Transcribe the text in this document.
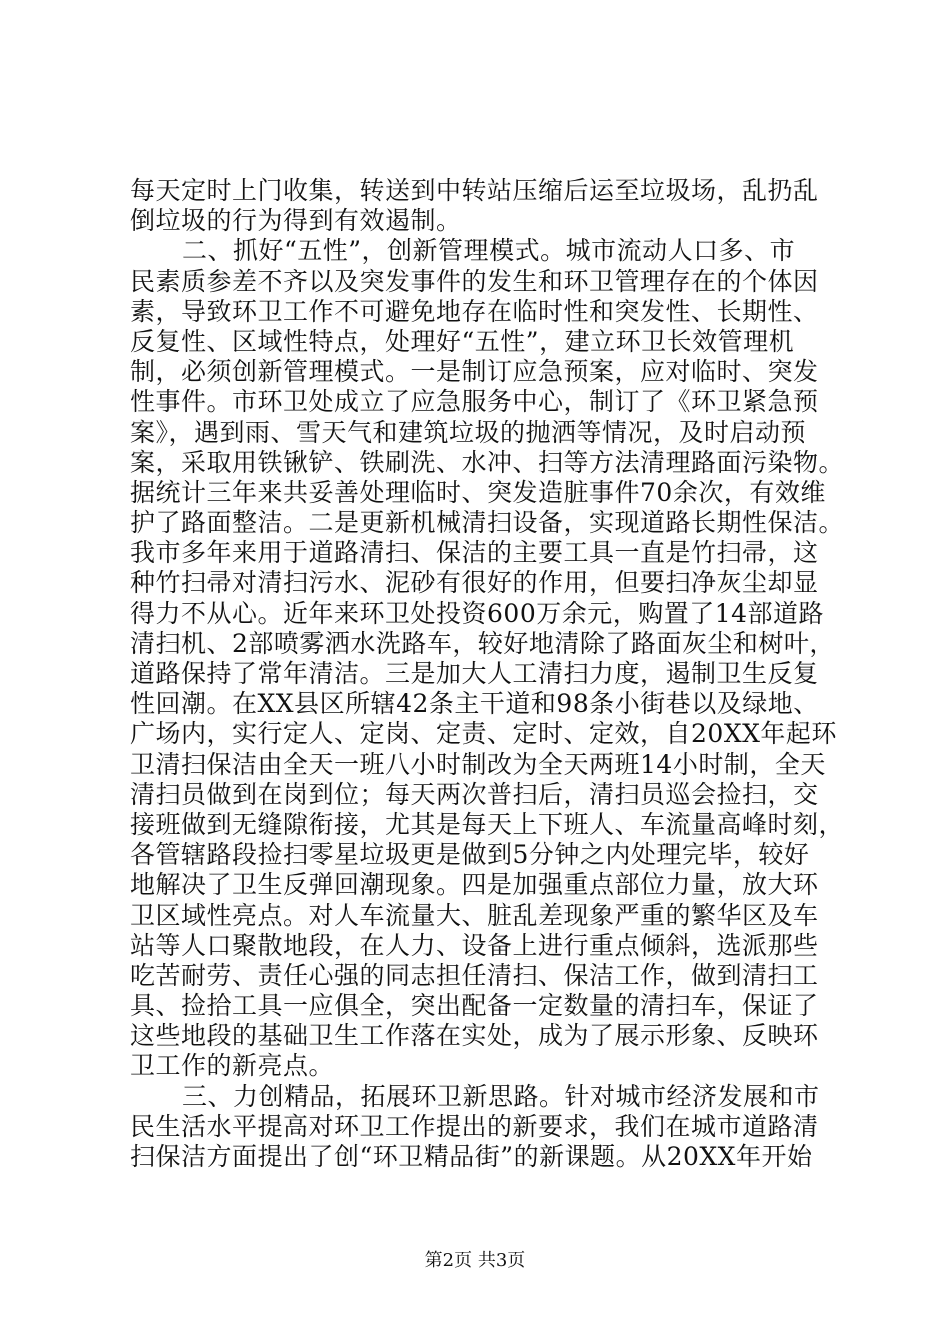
每天定时上门收集，转送到中转站压缩后运至垃圾场，乱扔乱
倒垃圾的行为得到有效遏制。
二、抓好“五性”，创新管理模式。城市流动人口多、市
民素质参差不齐以及突发事件的发生和环卫管理存在的个体因
素，导致环卫工作不可避免地存在临时性和突发性、长期性、
反复性、区域性特点，处理好“五性”，建立环卫长效管理机
制，必须创新管理模式。一是制订应急预案，应对临时、突发
性事件。市环卫处成立了应急服务中心，制订了《环卫紧急预
案》，遇到雨、雪天气和建筑垃圾的抛洒等情况，及时启动预
案，采取用铁锹铲、铁刷洗、水冲、扫等方法清理路面污染物。
据统计三年来共妥善处理临时、突发造脏事件70余次，有效维
护了路面整洁。二是更新机械清扫设备，实现道路长期性保洁。
我市多年来用于道路清扫、保洁的主要工具一直是竹扫帚，这
种竹扫帚对清扫污水、泥砂有很好的作用，但要扫净灰尘却显
得力不从心。近年来环卫处投资600万余元，购置了14部道路
清扫机、2部喷雾洒水洗路车，较好地清除了路面灰尘和树叶，
道路保持了常年清洁。三是加大人工清扫力度，遏制卫生反复
性回潮。在XX县区所辖42条主干道和98条小街巷以及绿地、
广场内，实行定人、定岗、定责、定时、定效，自20XX年起环
卫清扫保洁由全天一班八小时制改为全天两班14小时制，全天
清扫员做到在岗到位；每天两次普扫后，清扫员巡会捡扫，交
接班做到无缝隙衔接，尤其是每天上下班人、车流量高峰时刻，
各管辖路段捡扫零星垃圾更是做到5分钟之内处理完毕，较好
地解决了卫生反弹回潮现象。四是加强重点部位力量，放大环
卫区域性亮点。对人车流量大、脏乱差现象严重的繁华区及车
站等人口聚散地段，在人力、设备上进行重点倾斜，选派那些
吃苦耐劳、责任心强的同志担任清扫、保洁工作，做到清扫工
具、捡拾工具一应俱全，突出配备一定数量的清扫车，保证了
这些地段的基础卫生工作落在实处，成为了展示形象、反映环
卫工作的新亮点。
三、力创精品，拓展环卫新思路。针对城市经济发展和市
民生活水平提高对环卫工作提出的新要求，我们在城市道路清
扫保洁方面提出了创“环卫精品街”的新课题。从20XX年开始
第2页 共3页
